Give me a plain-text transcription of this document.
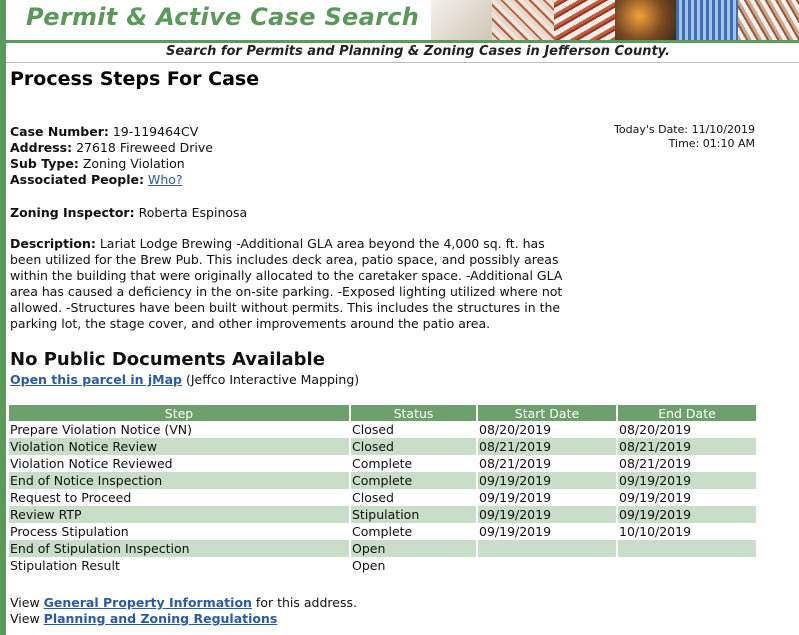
Permit & Active Case Search
Search for Permits and Planning & Zoning Cases in Jefferson County.
Process Steps For Case
Case Number: 19-119464CV
Address: 27618 Fireweed Drive
Sub Type: Zoning Violation
Associated People: Who?
Today's Date: 11/10/2019
Time: 01:10 AM
Zoning Inspector: Roberta Espinosa
Description: Lariat Lodge Brewing -Additional GLA area beyond the 4,000 sq. ft. has been utilized for the Brew Pub. This includes deck area, patio space, and possibly areas within the building that were originally allocated to the caretaker space. -Additional GLA area has caused a deficiency in the on-site parking. -Exposed lighting utilized where not allowed. -Structures have been built without permits. This includes the structures in the parking lot, the stage cover, and other improvements around the patio area.
No Public Documents Available
Open this parcel in jMap (Jeffco Interactive Mapping)
Step	Status	Start Date	End Date
Prepare Violation Notice (VN)	Closed	08/20/2019	08/20/2019
Violation Notice Review	Closed	08/21/2019	08/21/2019
Violation Notice Reviewed	Complete	08/21/2019	08/21/2019
End of Notice Inspection	Complete	09/19/2019	09/19/2019
Request to Proceed	Closed	09/19/2019	09/19/2019
Review RTP	Stipulation	09/19/2019	09/19/2019
Process Stipulation	Complete	09/19/2019	10/10/2019
End of Stipulation Inspection	Open		
Stipulation Result	Open		
View General Property Information for this address.
View Planning and Zoning Regulations
